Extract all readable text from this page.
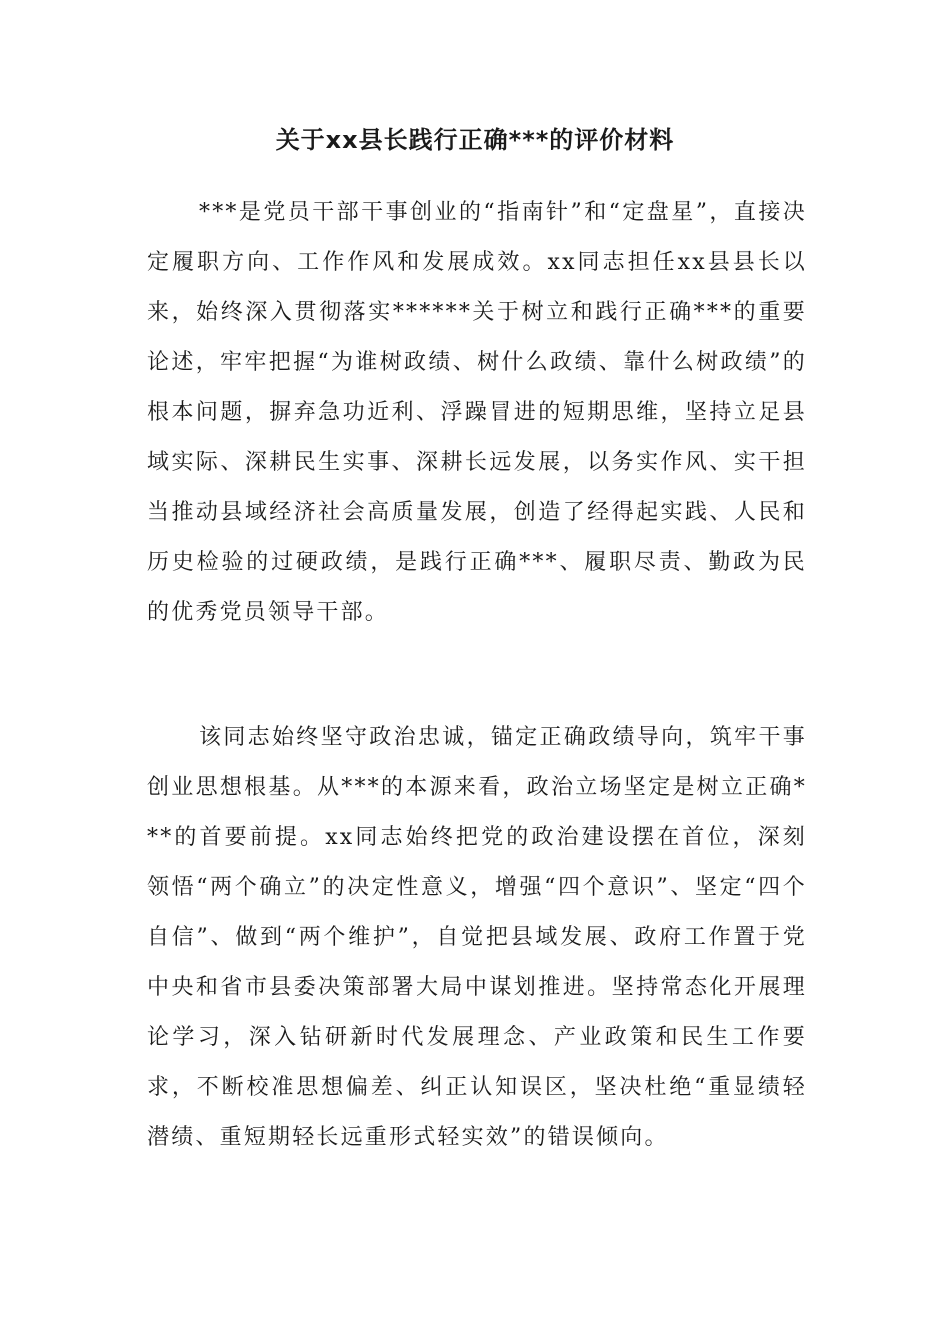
关于xx县长践行正确***的评价材料

***是党员干部干事创业的“指南针”和“定盘星”，直接决定履职方向、工作作风和发展成效。xx同志担任xx县县长以来，始终深入贯彻落实******关于树立和践行正确***的重要论述，牢牢把握“为谁树政绩、树什么政绩、靠什么树政绩”的根本问题，摒弃急功近利、浮躁冒进的短期思维，坚持立足县域实际、深耕民生实事、深耕长远发展，以务实作风、实干担当推动县域经济社会高质量发展，创造了经得起实践、人民和历史检验的过硬政绩，是践行正确***、履职尽责、勤政为民的优秀党员领导干部。

该同志始终坚守政治忠诚，锚定正确政绩导向，筑牢干事创业思想根基。从***的本源来看，政治立场坚定是树立正确***的首要前提。xx同志始终把党的政治建设摆在首位，深刻领悟“两个确立”的决定性意义，增强“四个意识”、坚定“四个自信”、做到“两个维护”，自觉把县域发展、政府工作置于党中央和省市县委决策部署大局中谋划推进。坚持常态化开展理论学习，深入钻研新时代发展理念、产业政策和民生工作要求，不断校准思想偏差、纠正认知误区，坚决杜绝“重显绩轻潜绩、重短期轻长远重形式轻实效”的错误倾向。
